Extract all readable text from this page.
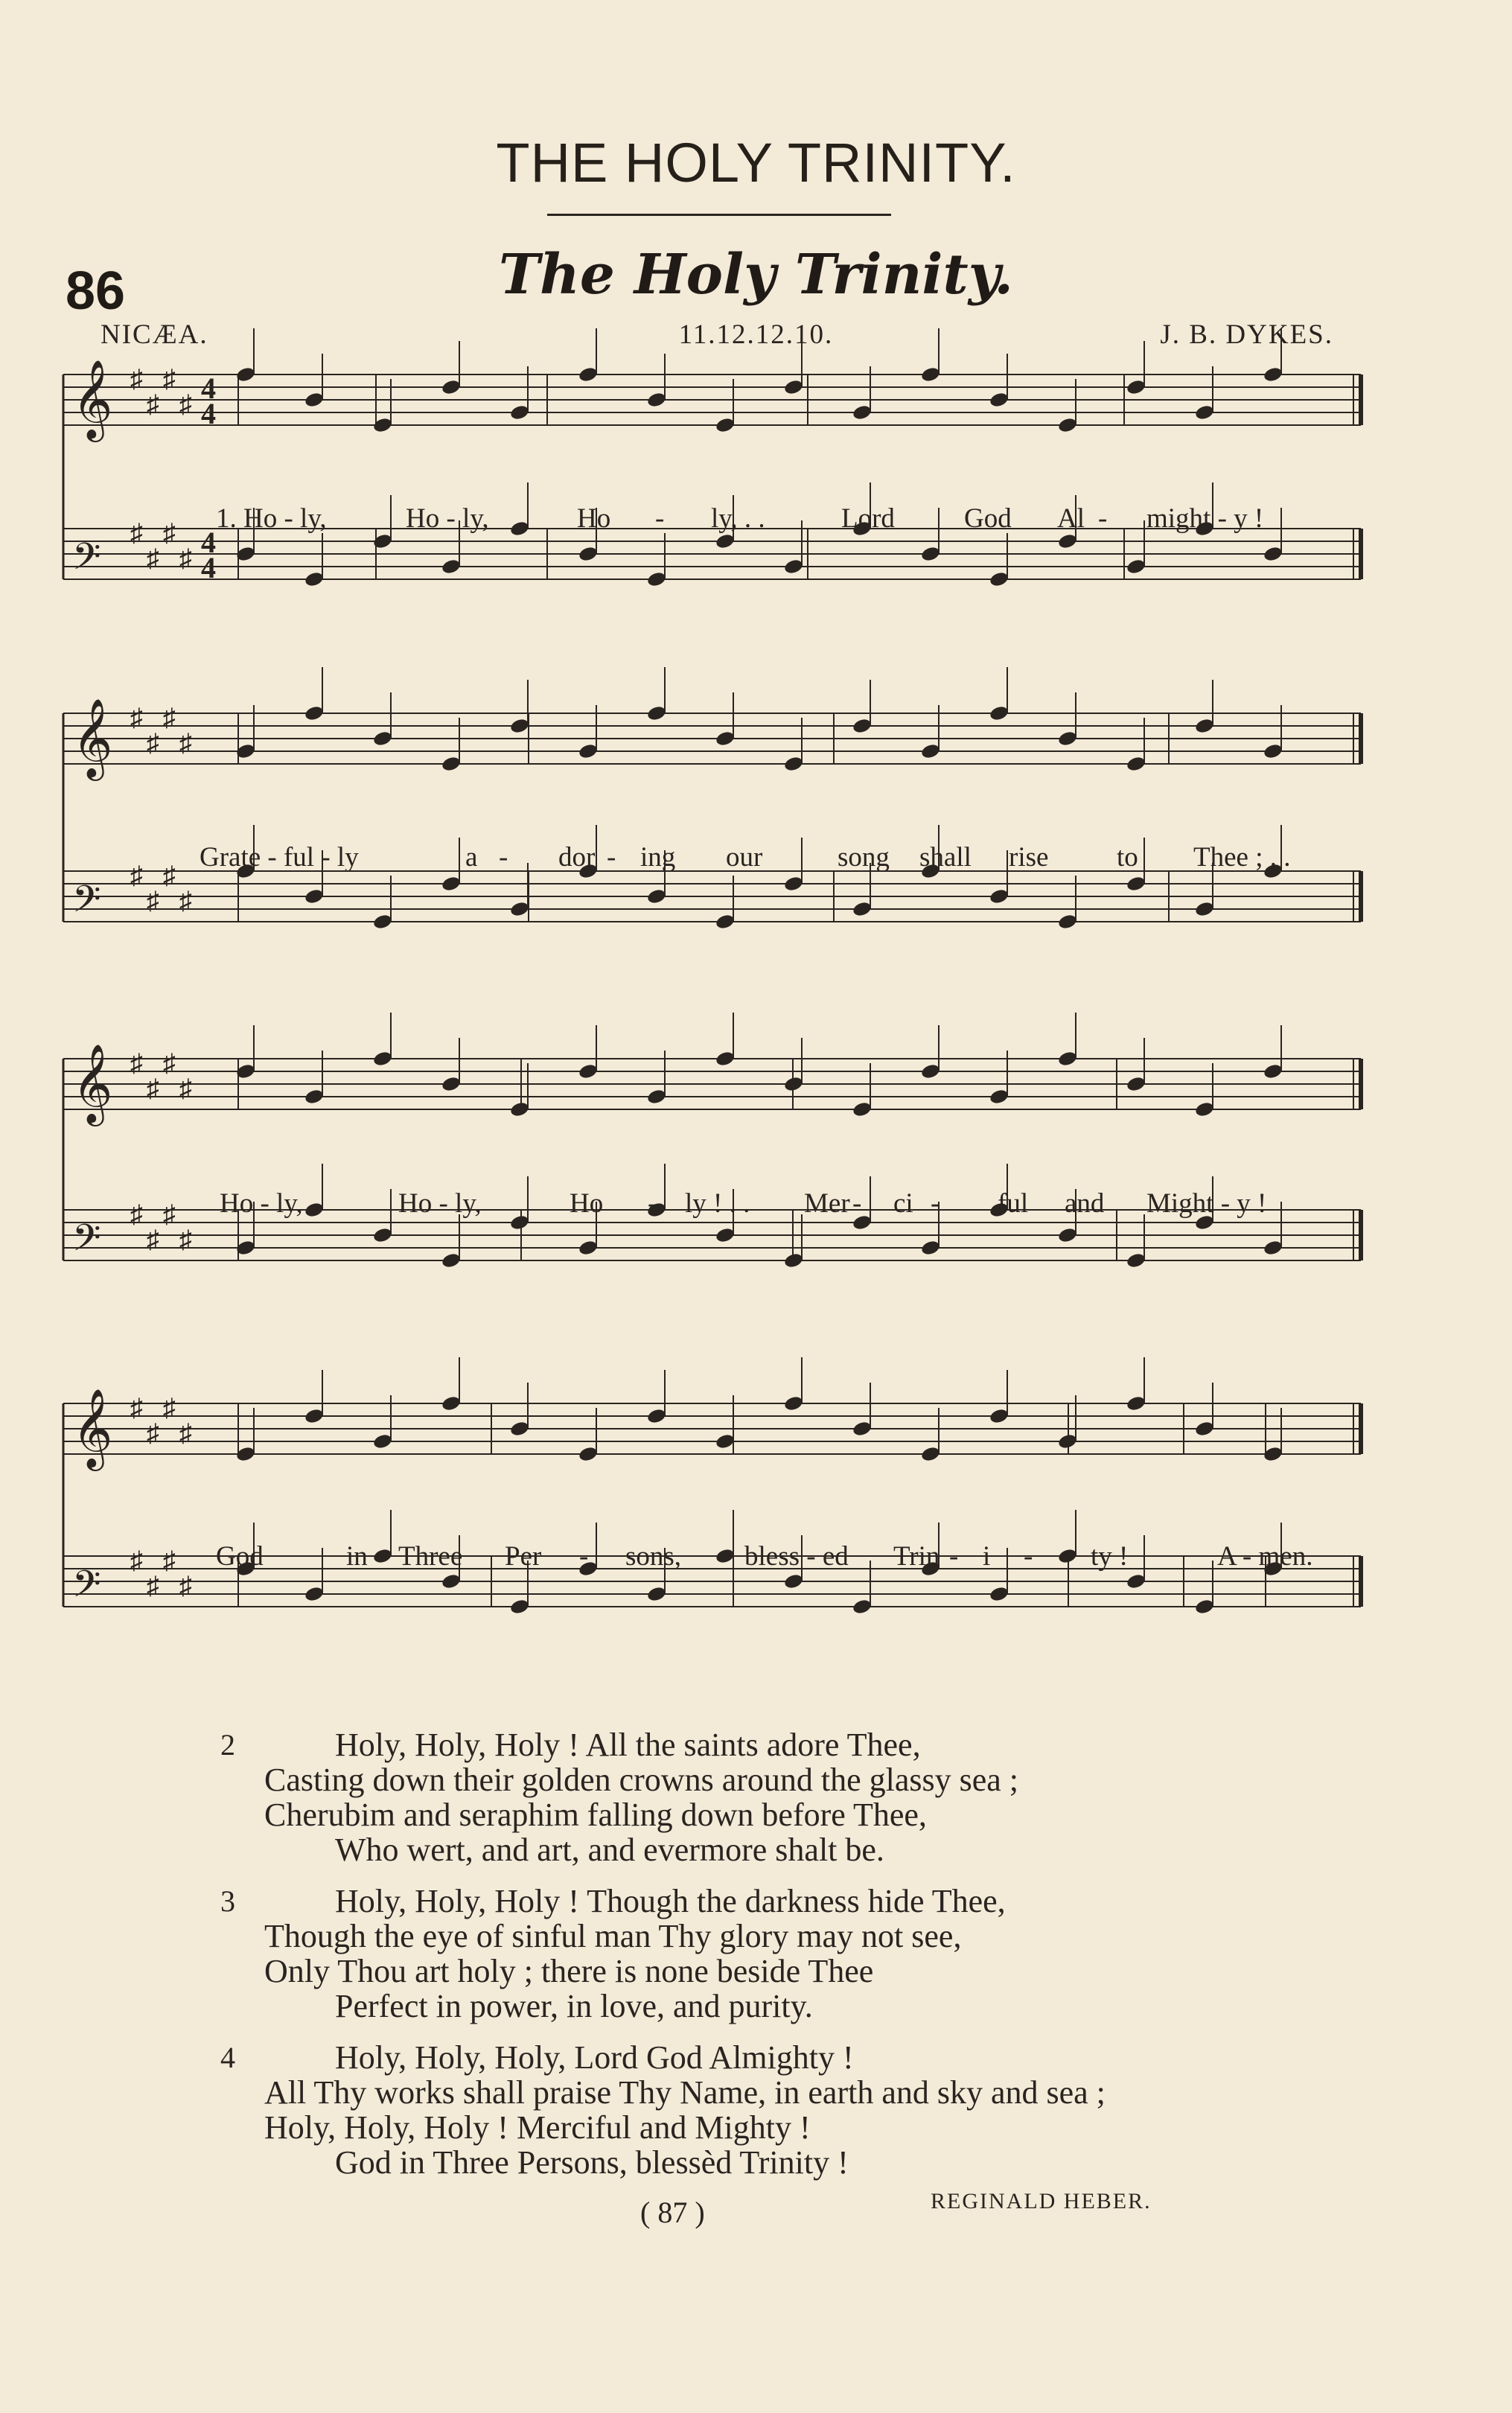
THE HOLY TRINITY.
86	The Holy Trinity.
NICÆA.	11.12.12.10.	J. B. DYKES.
𝄞 ♯
♯
♯
♯ 4
4
𝄢
♯
♯
♯
♯ 4
4
1. Ho - ly,	Ho - ly,	Ho - ly, . .	Lord	God Al - might - y !
𝄞 ♯
♯
♯
♯
𝄢
♯
♯
♯
♯
Grate - ful - ly	a - dor - ing our	song shall rise to Thee ; . .
𝄞 ♯
♯
♯
♯
𝄢
♯
♯
♯
♯
Ho - ly,	Ho - ly,	Ho - ly ! . . Mer - ci - ful and Might - y !
𝄞 ♯
♯
♯
♯
𝄢
♯
♯
♯
♯
God	in Three Per - sons, bless - ed Trin - i - ty !	A - men.
2	Holy, Holy, Holy ! All the saints adore Thee,
Casting down their golden crowns around the glassy sea ;
Cherubim and seraphim falling down before Thee,
Who wert, and art, and evermore shalt be.
3	Holy, Holy, Holy ! Though the darkness hide Thee,
Though the eye of sinful man Thy glory may not see,
Only Thou art holy ; there is none beside Thee
Perfect in power, in love, and purity.
4	Holy, Holy, Holy, Lord God Almighty !
All Thy works shall praise Thy Name, in earth and sky and sea ;
Holy, Holy, Holy ! Merciful and Mighty !
God in Three Persons, blessèd Trinity !
( 87 )	REGINALD HEBER.
